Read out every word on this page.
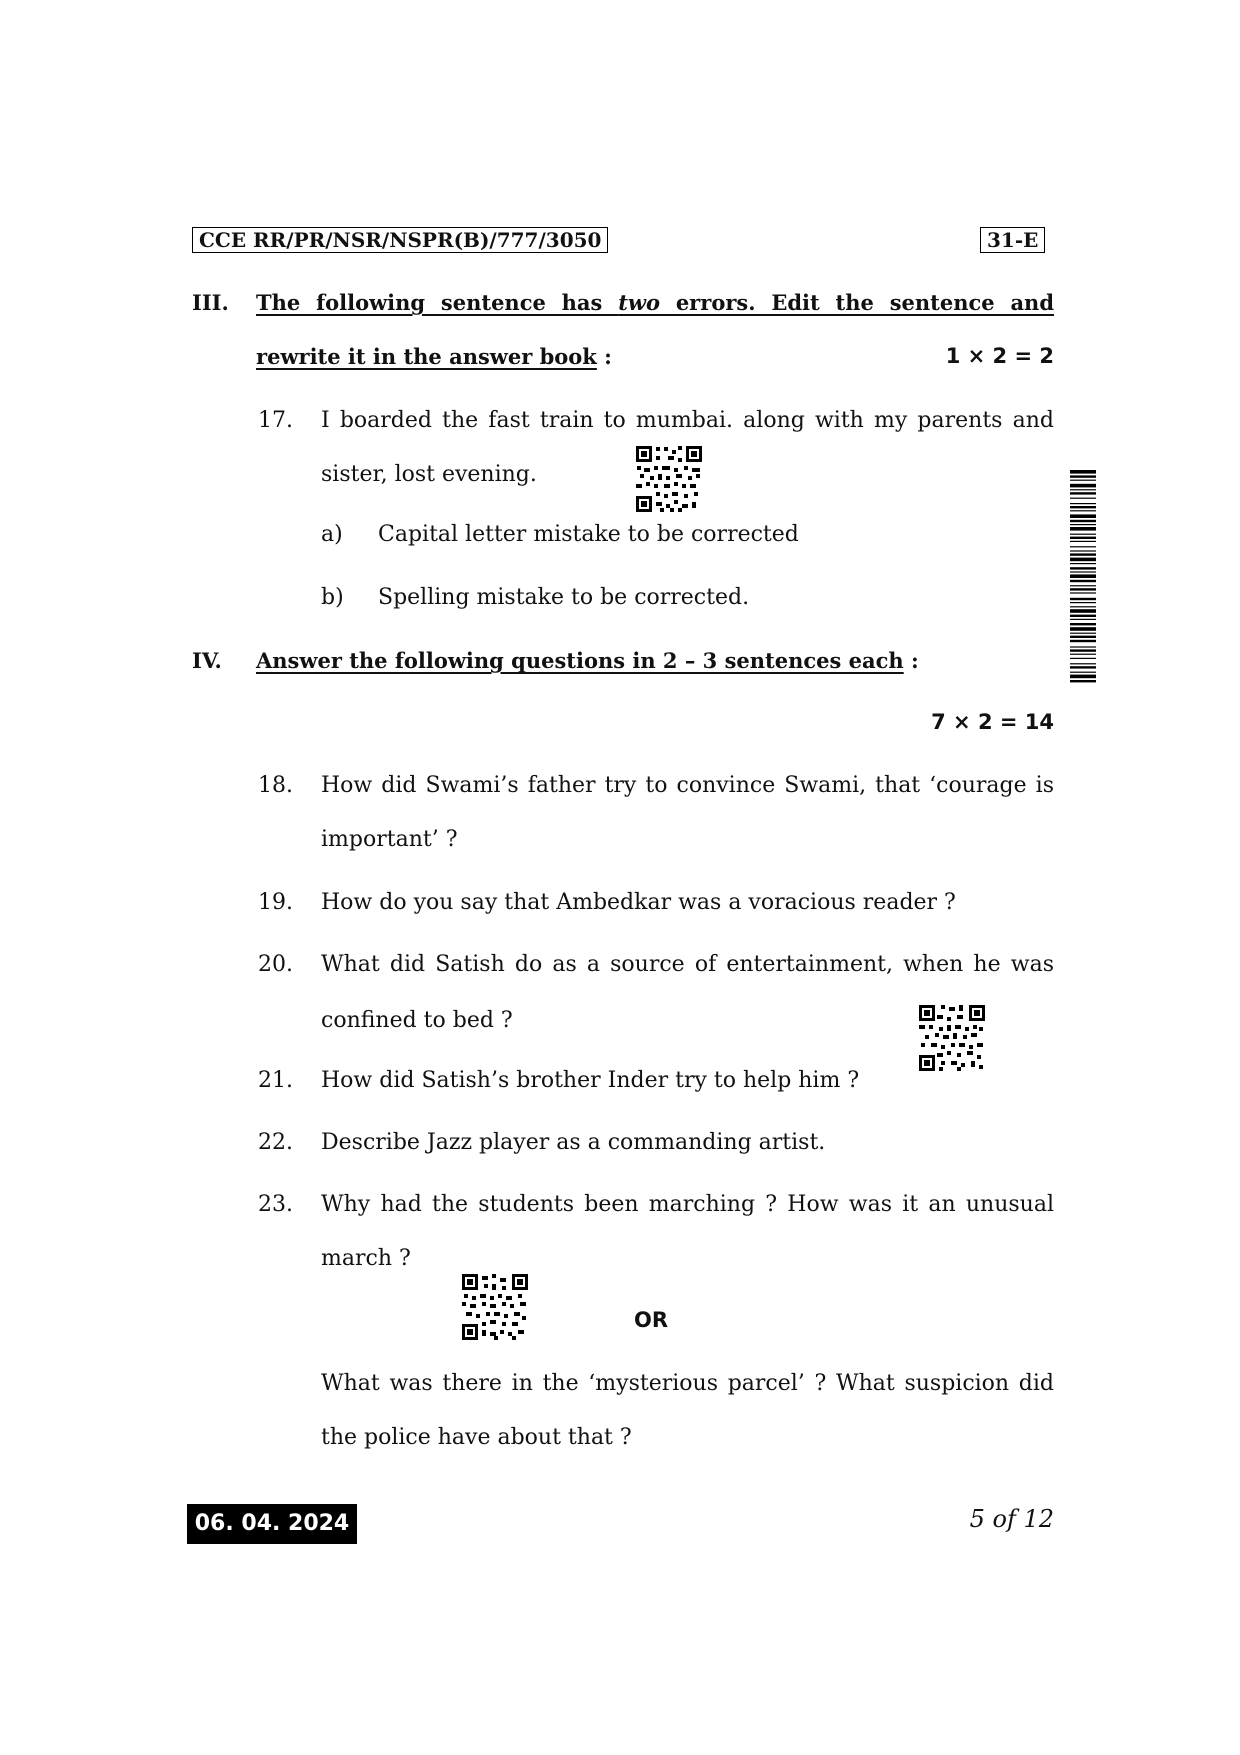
CCE RR/PR/NSR/NSPR(B)/777/3050	31-E
III. The following sentence has two errors. Edit the sentence and
rewrite it in the answer book :	1 × 2 = 2
17. I boarded the fast train to mumbai. along with my parents and
sister, lost evening.
a) Capital letter mistake to be corrected
b) Spelling mistake to be corrected.
IV. Answer the following questions in 2 – 3 sentences each :
7 × 2 = 14
18. How did Swami’s father try to convince Swami, that ‘courage is
important’ ?
19. How do you say that Ambedkar was a voracious reader ?
20. What did Satish do as a source of entertainment, when he was
confined to bed ?
21. How did Satish’s brother Inder try to help him ?
22. Describe Jazz player as a commanding artist.
23. Why had the students been marching ? How was it an unusual
march ?
OR
What was there in the ‘mysterious parcel’ ? What suspicion did
the police have about that ?
06. 04. 2024	5 of 12
